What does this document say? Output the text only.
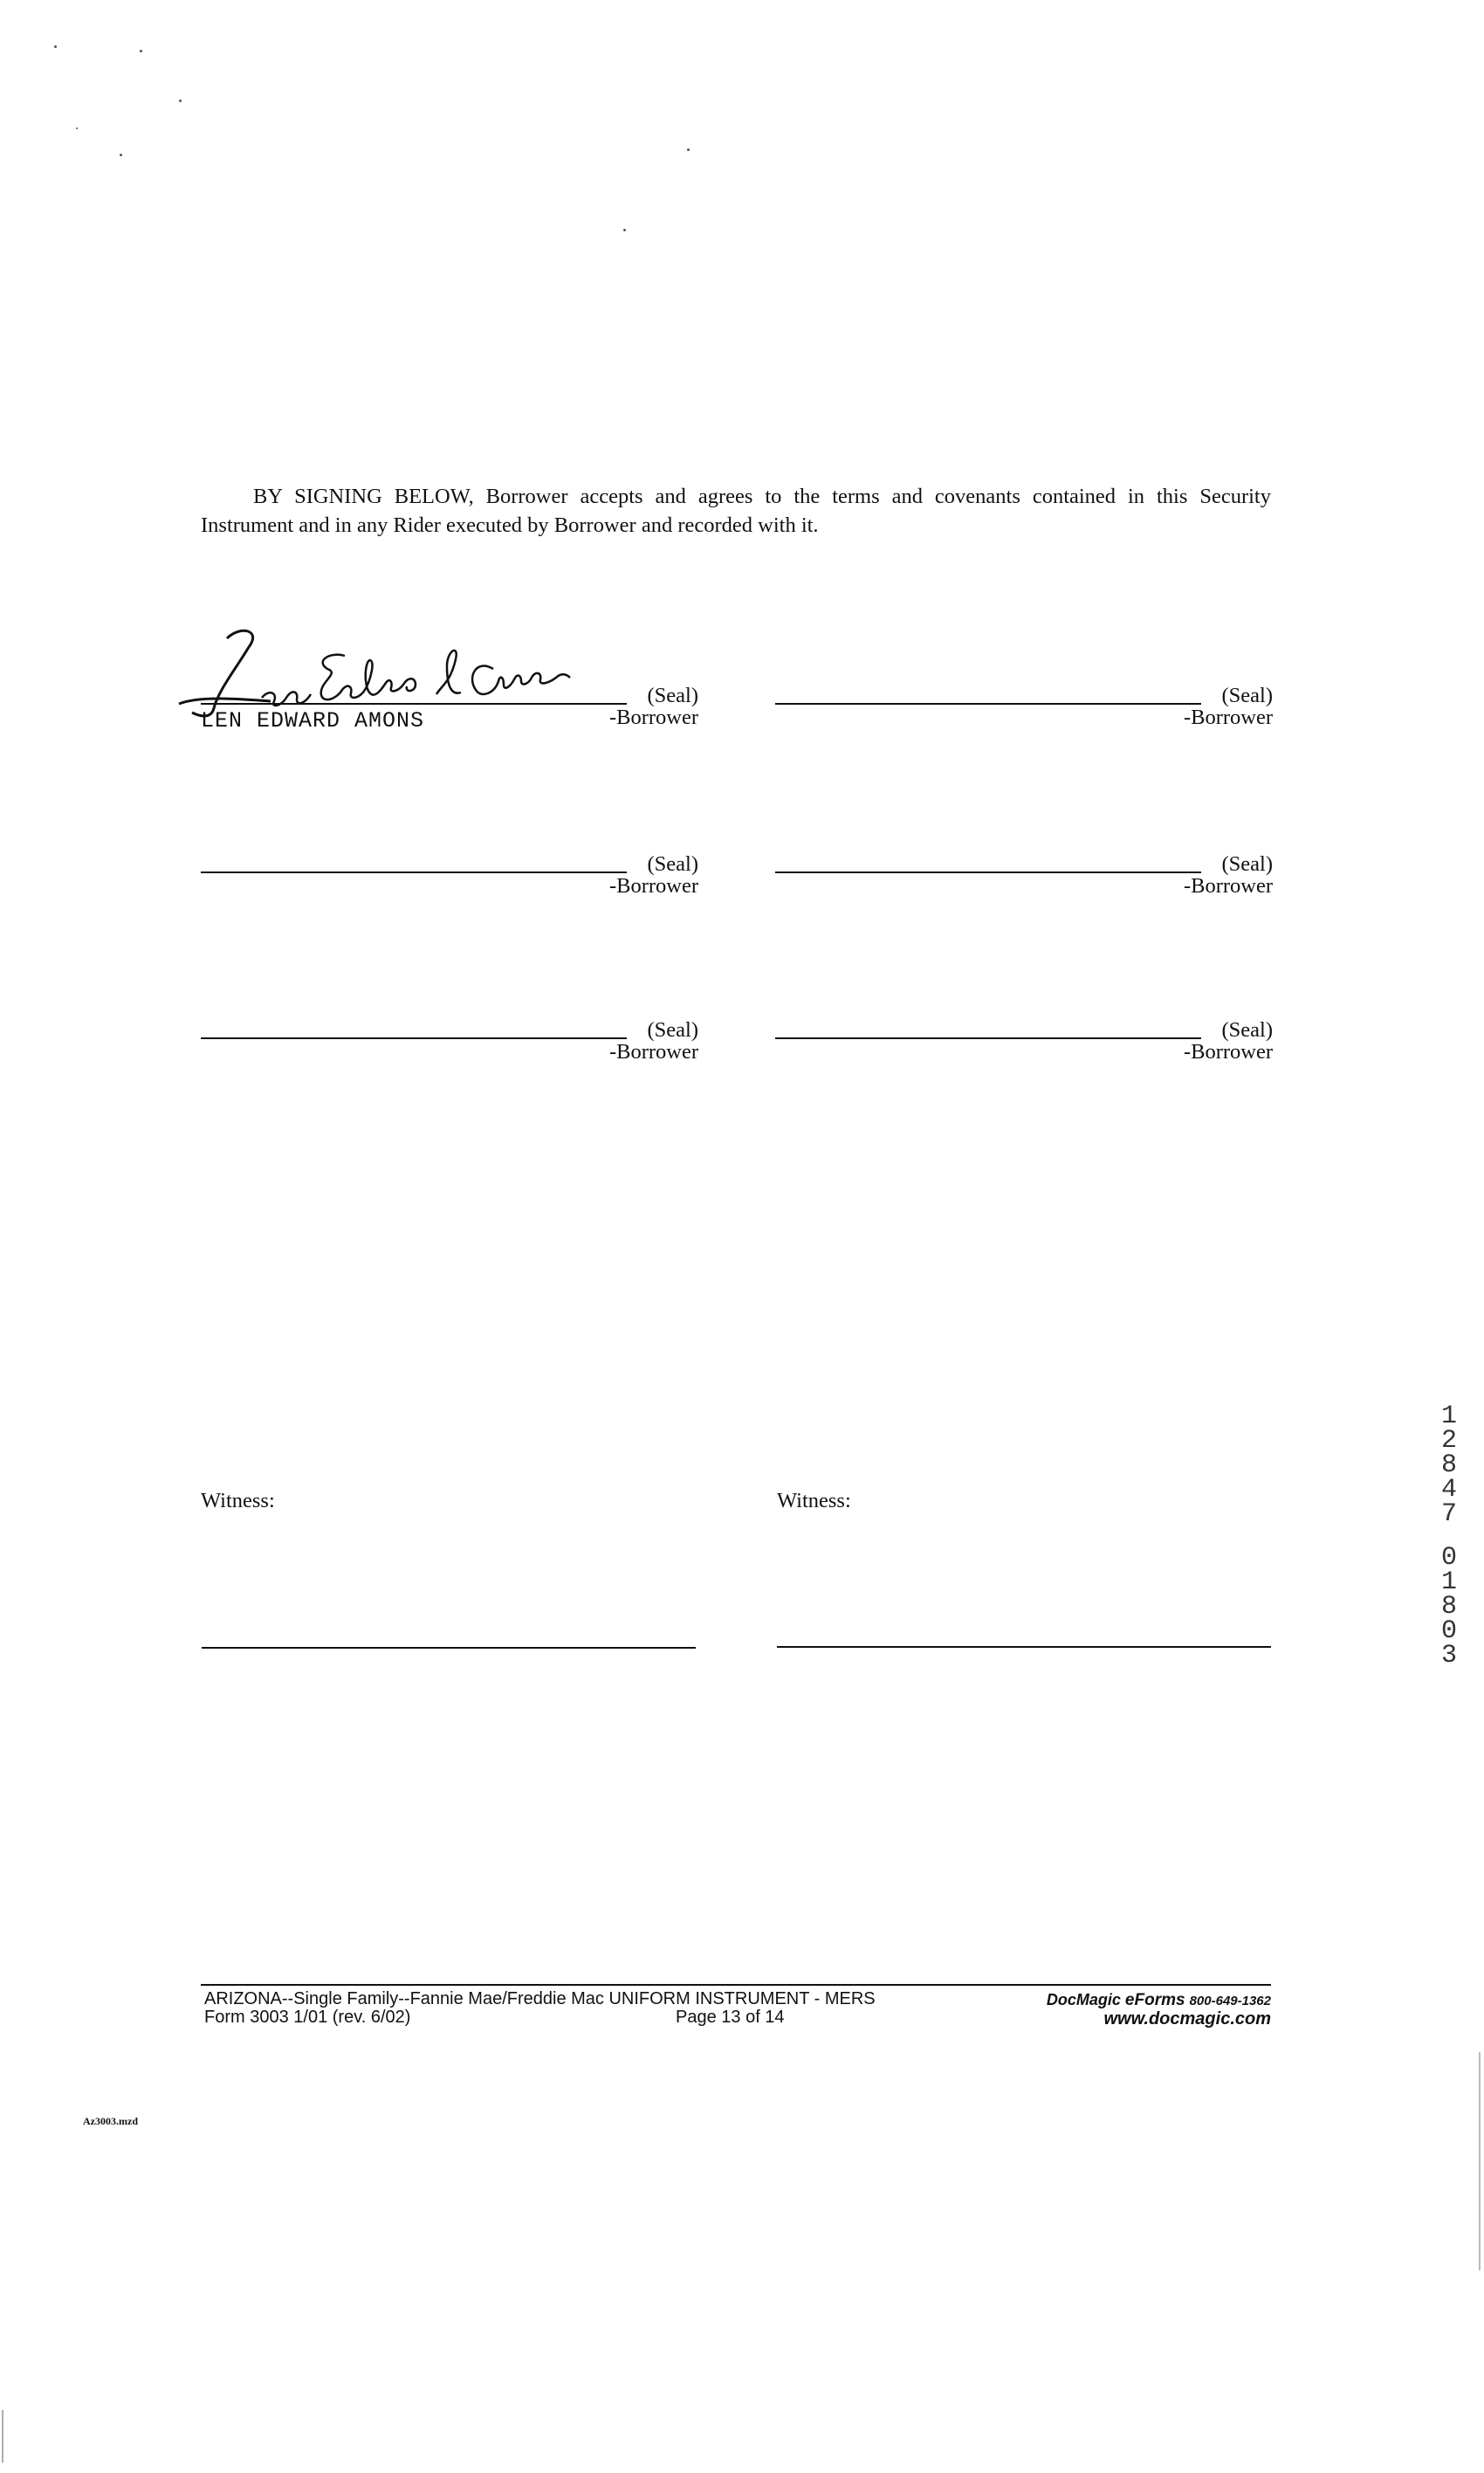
BY SIGNING BELOW, Borrower accepts and agrees to the terms and covenants contained in this Security
Instrument and in any Rider executed by Borrower and recorded with it.
(Seal)
-Borrower
LEN EDWARD AMONS
(Seal)
-Borrower
(Seal)
-Borrower
(Seal)
-Borrower
(Seal)
-Borrower
(Seal)
-Borrower
Witness:	Witness:
ARIZONA--Single Family--Fannie Mae/Freddie Mac UNIFORM INSTRUMENT - MERS
Form 3003 1/01 (rev. 6/02)	Page 13 of 14
DocMagic eForms 800-649-1362
www.docmagic.com
Az3003.mzd
1
2
8
4
7
0
1
8
0
3
